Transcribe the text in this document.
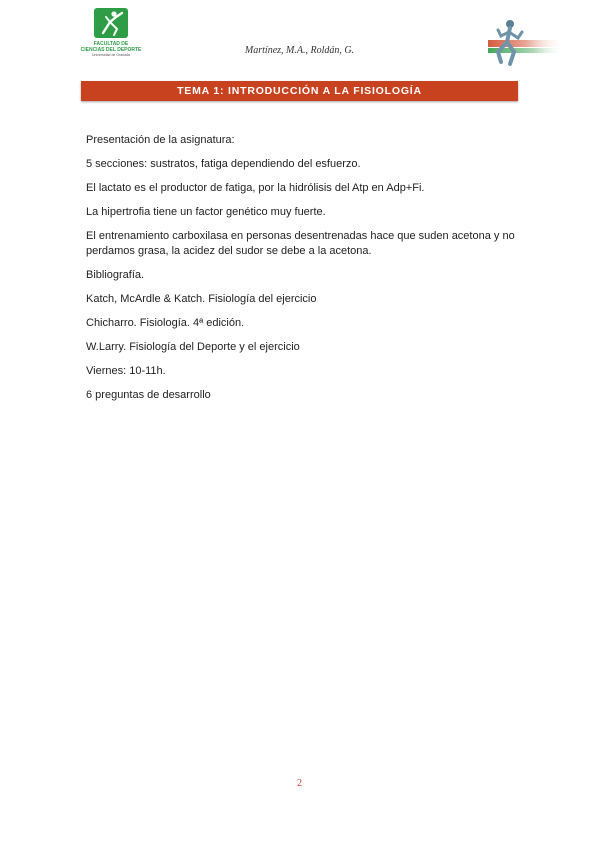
FACULTAD DE
CIENCIAS DEL DEPORTE
Universidad de Granada	Martínez, M.A., Roldán, G.
TEMA 1: INTRODUCCIÓN A LA FISIOLOGÍA

Presentación de la asignatura:

5 secciones: sustratos, fatiga dependiendo del esfuerzo.

El lactato es el productor de fatiga, por la hidrólisis del Atp en Adp+Fi.

La hipertrofia tiene un factor genético muy fuerte.

El entrenamiento carboxilasa en personas desentrenadas hace que suden acetona y no perdamos grasa, la acidez del sudor se debe a la acetona.

Bibliografía.

Katch, McArdle & Katch. Fisiología del ejercicio

Chicharro. Fisiología. 4ª edición.

W.Larry. Fisiología del Deporte y el ejercicio

Viernes: 10-11h.

6 preguntas de desarrollo

2
